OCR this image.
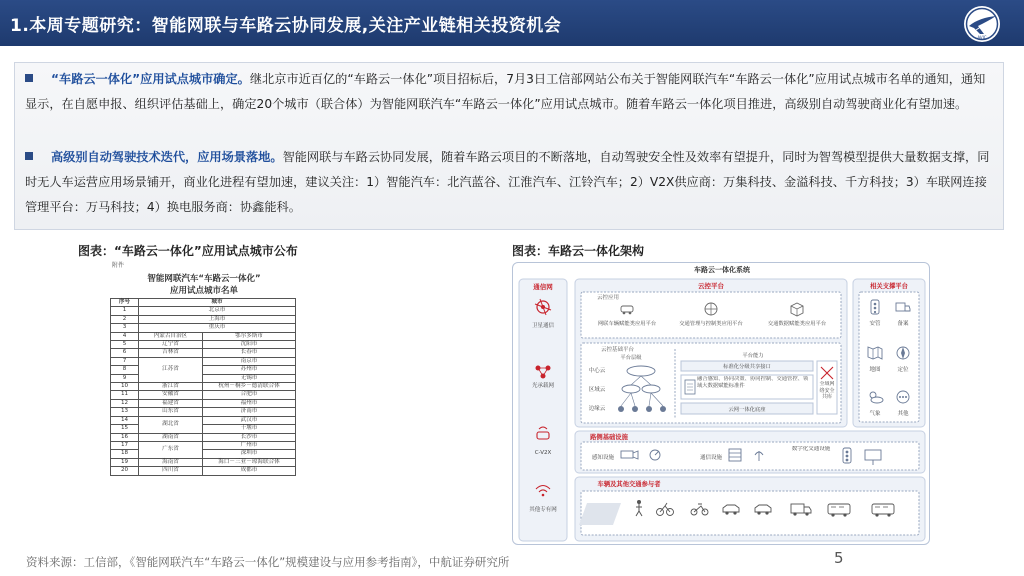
1.本周专题研究：智能网联与车路云协同发展,关注产业链相关投资机会
AVIC
“车路云一体化”应用试点城市确定。继北京市近百亿的“车路云一体化”项目招标后，7月3日工信部网站公布关于智能网联汽车“车路云一体化”应用试点城市名单的通知，通知显示，在自愿申报、组织评估基础上，确定20个城市（联合体）为智能网联汽车“车路云一体化”应用试点城市。随着车路云一体化项目推进，高级别自动驾驶商业化有望加速。
高级别自动驾驶技术迭代，应用场景落地。智能网联与车路云协同发展，随着车路云项目的不断落地，自动驾驶安全性及效率有望提升，同时为智驾模型提供大量数据支撑，同时无人车运营应用场景铺开，商业化进程有望加速，建议关注：1）智能汽车：北汽蓝谷、江淮汽车、江铃汽车；2）V2X供应商：万集科技、金溢科技、千方科技；3）车联网连接管理平台：万马科技；4）换电服务商：协鑫能科。
图表：“车路云一体化”应用试点城市公布	图表：车路云一体化架构
附件
智能网联汽车“车路云一体化”
应用试点城市名单
序号	城市	
1	北京市	
2	上海市	
3	重庆市	
4	内蒙古自治区	鄂尔多斯市
5	辽宁省	沈阳市
6	吉林省	长春市
7	江苏省	南京市
8		苏州市
9		无锡市
10	浙江省	杭州－桐乡－德清联合体
11	安徽省	合肥市
12	福建省	福州市
13	山东省	济南市
14	湖北省	武汉市
15		十堰市
16	湖南省	长沙市
17	广东省	广州市
18		深圳市
19	海南省	海口－三亚－琼海联合体
20	四川省	成都市
车路云一体化系统
通信网
卫星通信
光承载网
C-V2X
其他专有网
云控平台
云控应用
网联车辆赋能类应用平台	交通管理与控制类应用平台	交通数据赋能类应用平台
云控基础平台
平台层级
中心云
区域云
边缘云
平台能力
标准化分级共享接口
融合感知、协同决策、协同控制、交通管控、领域大数据赋能标准件
云网一体化底座
全域网络安全共库
路侧基础设施
感知设施	通信设施
数字化交通设施
车辆及其他交通参与者
相关支撑平台
安管	备案
地图	定位
气象	其他
资料来源：工信部，《智能网联汽车“车路云一体化”规模建设与应用参考指南》，中航证券研究所	5
